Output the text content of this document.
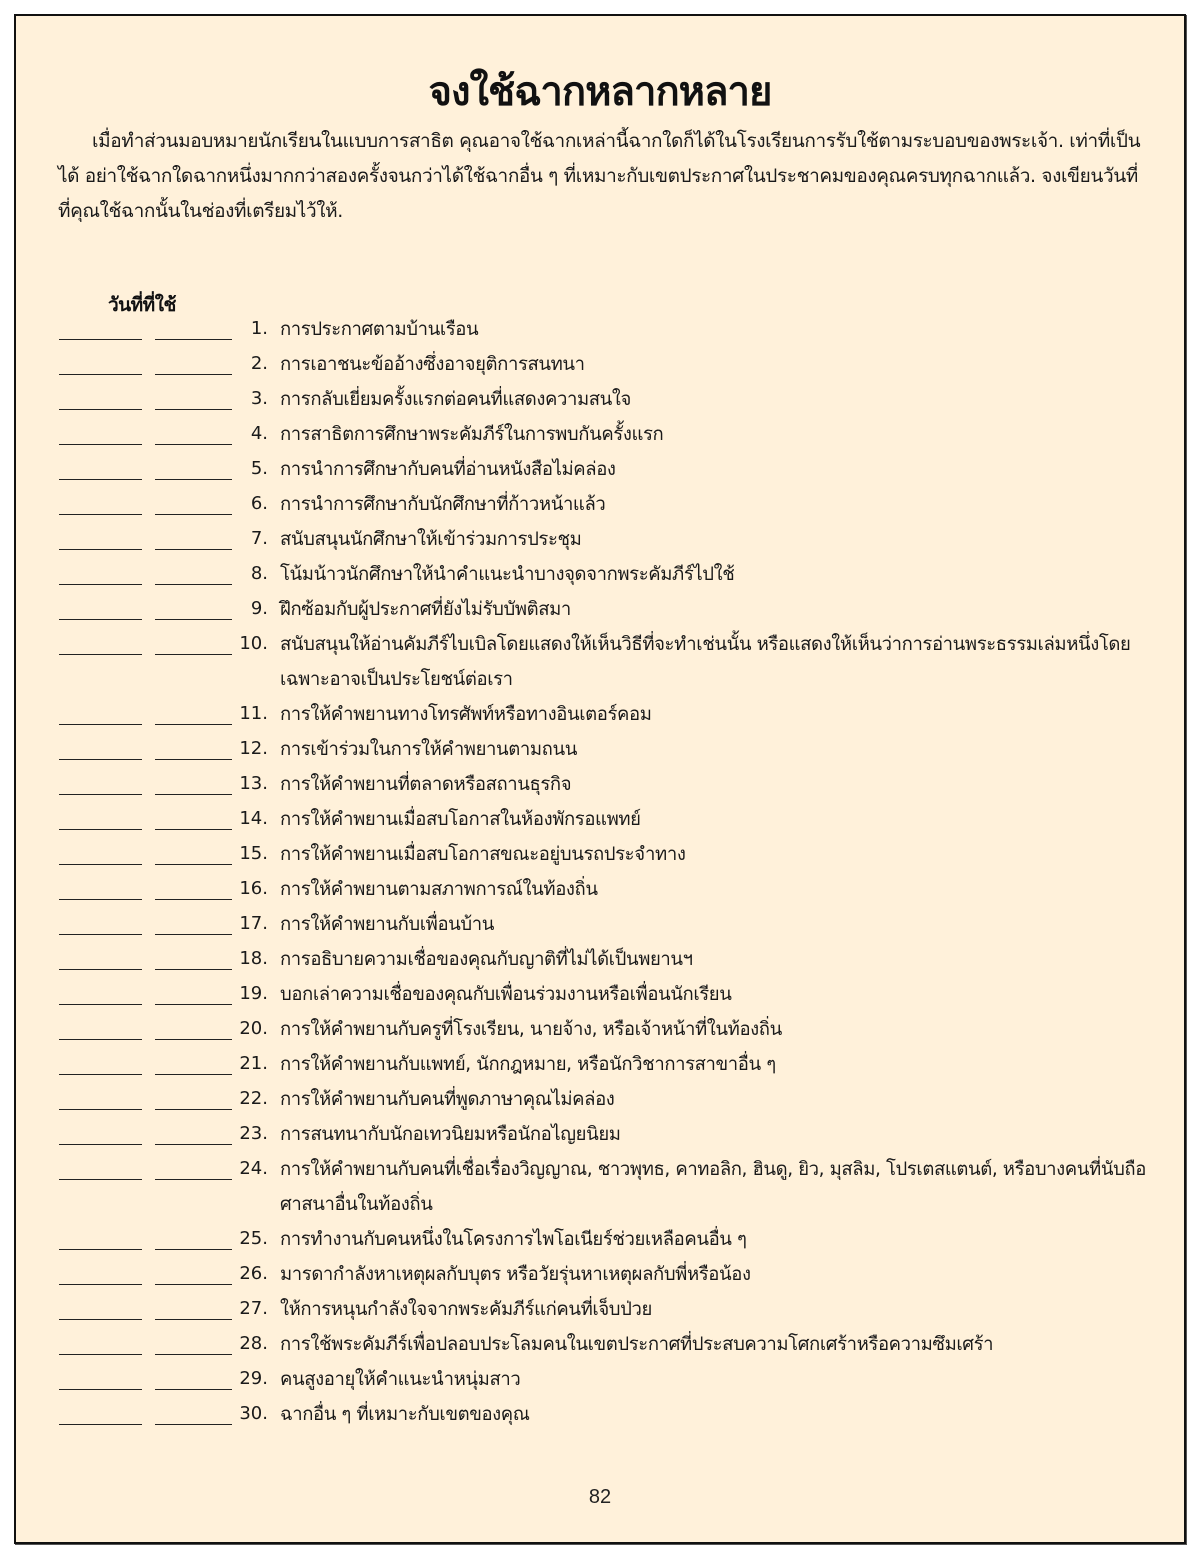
จงใช้ฉากหลากหลาย
เมื่อทำส่วนมอบหมายนักเรียนในแบบการสาธิต คุณอาจใช้ฉากเหล่านี้ฉากใดก็ได้ในโรงเรียนการรับใช้ตามระบอบของพระเจ้า. เท่าที่เป็นได้ อย่าใช้ฉากใดฉากหนึ่งมากกว่าสองครั้งจนกว่าได้ใช้ฉากอื่น ๆ ที่เหมาะกับเขตประกาศในประชาคมของคุณครบทุกฉากแล้ว. จงเขียนวันที่ที่คุณใช้ฉากนั้นในช่องที่เตรียมไว้ให้.
วันที่ที่ใช้
1. การประกาศตามบ้านเรือน
2. การเอาชนะข้ออ้างซึ่งอาจยุติการสนทนา
3. การกลับเยี่ยมครั้งแรกต่อคนที่แสดงความสนใจ
4. การสาธิตการศึกษาพระคัมภีร์ในการพบกันครั้งแรก
5. การนำการศึกษากับคนที่อ่านหนังสือไม่คล่อง
6. การนำการศึกษากับนักศึกษาที่ก้าวหน้าแล้ว
7. สนับสนุนนักศึกษาให้เข้าร่วมการประชุม
8. โน้มน้าวนักศึกษาให้นำคำแนะนำบางจุดจากพระคัมภีร์ไปใช้
9. ฝึกซ้อมกับผู้ประกาศที่ยังไม่รับบัพติสมา
10. สนับสนุนให้อ่านคัมภีร์ไบเบิลโดยแสดงให้เห็นวิธีที่จะทำเช่นนั้น หรือแสดงให้เห็นว่าการอ่านพระธรรมเล่มหนึ่งโดยเฉพาะอาจเป็นประโยชน์ต่อเรา
11. การให้คำพยานทางโทรศัพท์หรือทางอินเตอร์คอม
12. การเข้าร่วมในการให้คำพยานตามถนน
13. การให้คำพยานที่ตลาดหรือสถานธุรกิจ
14. การให้คำพยานเมื่อสบโอกาสในห้องพักรอแพทย์
15. การให้คำพยานเมื่อสบโอกาสขณะอยู่บนรถประจำทาง
16. การให้คำพยานตามสภาพการณ์ในท้องถิ่น
17. การให้คำพยานกับเพื่อนบ้าน
18. การอธิบายความเชื่อของคุณกับญาติที่ไม่ได้เป็นพยานฯ
19. บอกเล่าความเชื่อของคุณกับเพื่อนร่วมงานหรือเพื่อนนักเรียน
20. การให้คำพยานกับครูที่โรงเรียน, นายจ้าง, หรือเจ้าหน้าที่ในท้องถิ่น
21. การให้คำพยานกับแพทย์, นักกฎหมาย, หรือนักวิชาการสาขาอื่น ๆ
22. การให้คำพยานกับคนที่พูดภาษาคุณไม่คล่อง
23. การสนทนากับนักอเทวนิยมหรือนักอไญยนิยม
24. การให้คำพยานกับคนที่เชื่อเรื่องวิญญาณ, ชาวพุทธ, คาทอลิก, ฮินดู, ยิว, มุสลิม, โปรเตสแตนต์, หรือบางคนที่นับถือศาสนาอื่นในท้องถิ่น
25. การทำงานกับคนหนึ่งในโครงการไพโอเนียร์ช่วยเหลือคนอื่น ๆ
26. มารดากำลังหาเหตุผลกับบุตร หรือวัยรุ่นหาเหตุผลกับพี่หรือน้อง
27. ให้การหนุนกำลังใจจากพระคัมภีร์แก่คนที่เจ็บป่วย
28. การใช้พระคัมภีร์เพื่อปลอบประโลมคนในเขตประกาศที่ประสบความโศกเศร้าหรือความซึมเศร้า
29. คนสูงอายุให้คำแนะนำหนุ่มสาว
30. ฉากอื่น ๆ ที่เหมาะกับเขตของคุณ
82
